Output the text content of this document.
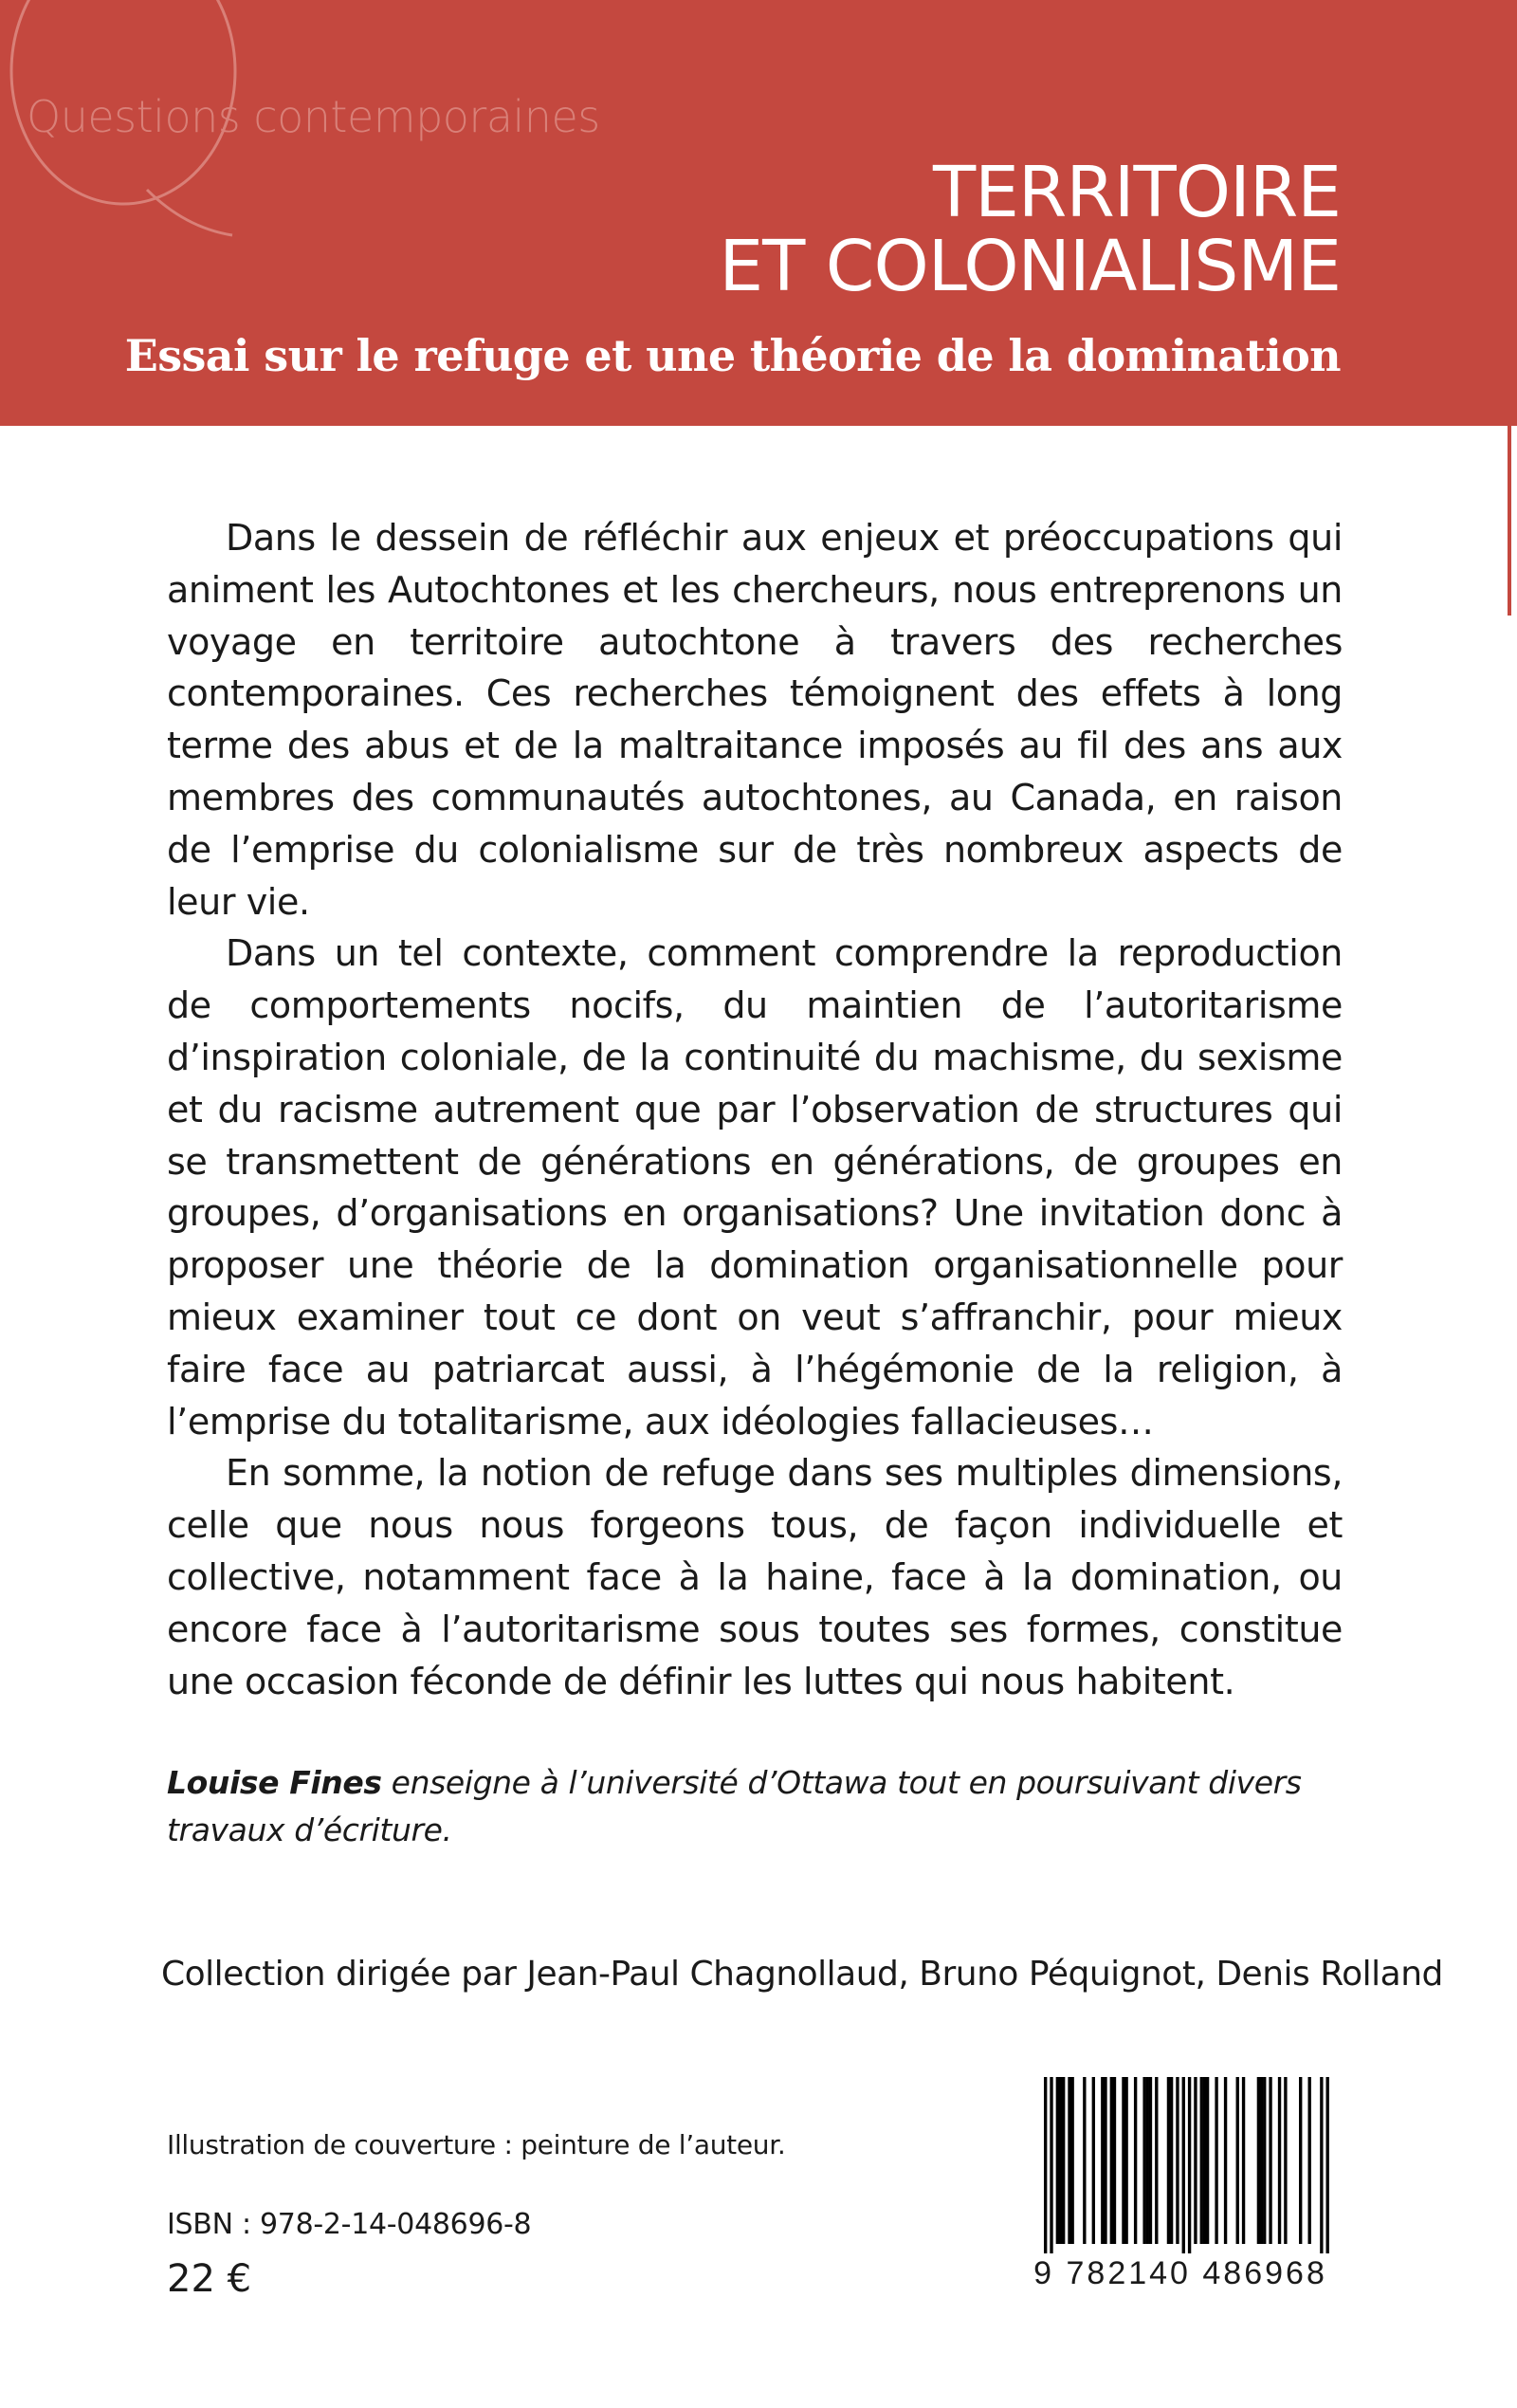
Questions contemporaines
TERRITOIRE
ET COLONIALISME
Essai sur le refuge et une théorie de la domination

Dans le dessein de réfléchir aux enjeux et préoccupations qui animent les Autochtones et les chercheurs, nous entreprenons un voyage en territoire autochtone à travers des recherches contemporaines. Ces recherches témoignent des effets à long terme des abus et de la maltraitance imposés au fil des ans aux membres des communautés autochtones, au Canada, en raison de l’emprise du colonialisme sur de très nombreux aspects de leur vie.

Dans un tel contexte, comment comprendre la reproduction de comportements nocifs, du maintien de l’autoritarisme d’inspiration coloniale, de la continuité du machisme, du sexisme et du racisme autrement que par l’observation de structures qui se transmettent de générations en générations, de groupes en groupes, d’organisations en organisations? Une invitation donc à proposer une théorie de la domination organisationnelle pour mieux examiner tout ce dont on veut s’affranchir, pour mieux faire face au patriarcat aussi, à l’hégémonie de la religion, à l’emprise du totalitarisme, aux idéologies fallacieuses…

En somme, la notion de refuge dans ses multiples dimensions, celle que nous nous forgeons tous, de façon individuelle et collective, notamment face à la haine, face à la domination, ou encore face à l’autoritarisme sous toutes ses formes, constitue une occasion féconde de définir les luttes qui nous habitent.

Louise Fines enseigne à l’université d’Ottawa tout en poursuivant divers travaux d’écriture.
Collection dirigée par Jean-Paul Chagnollaud, Bruno Péquignot, Denis Rolland
Illustration de couverture : peinture de l’auteur.
ISBN : 978-2-14-048696-8
22 €	9 782140 486968
